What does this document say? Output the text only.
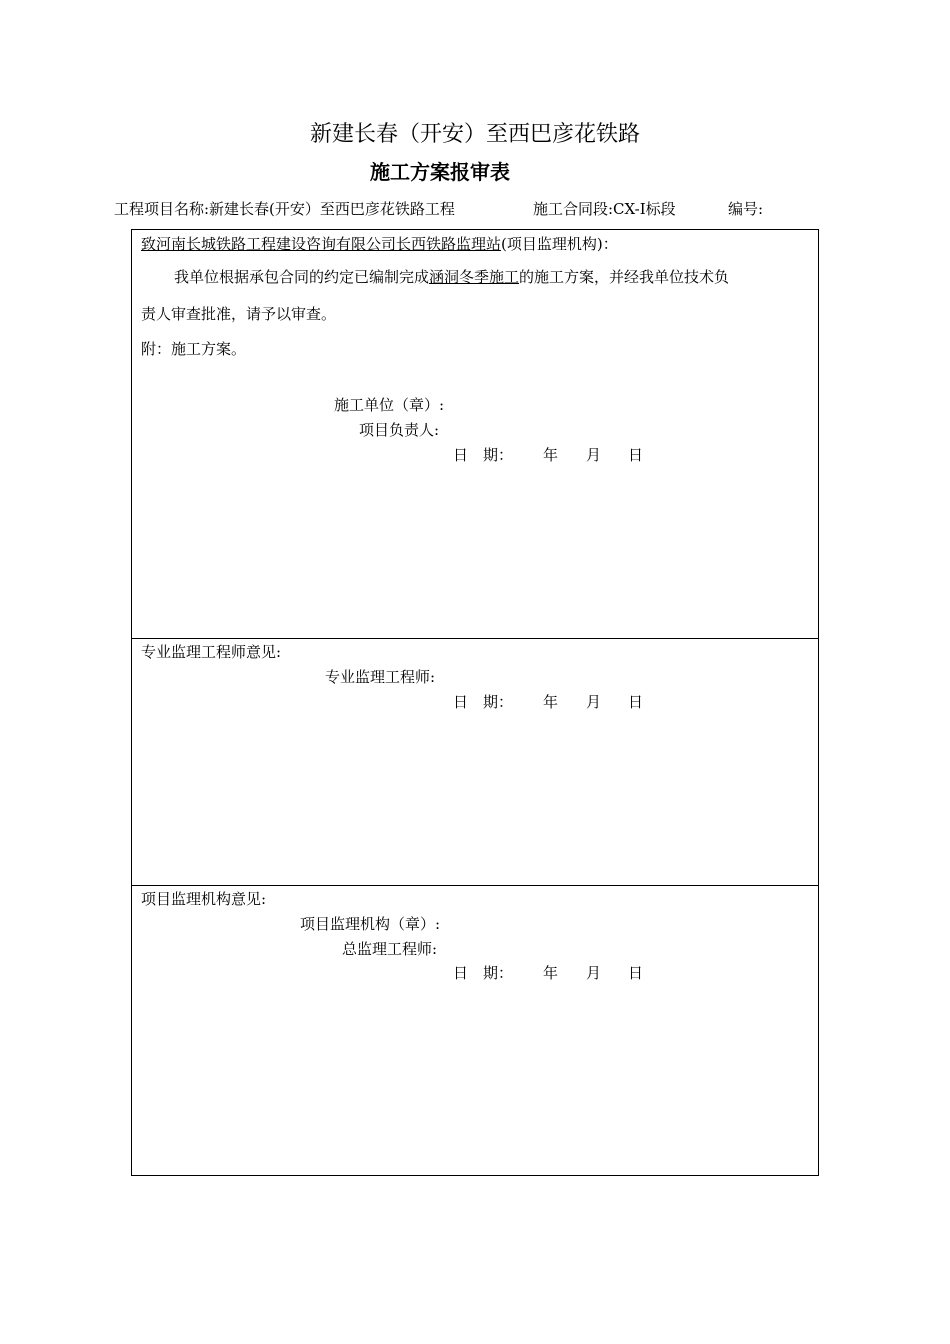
新建长春（开安）至西巴彦花铁路
施工方案报审表
工程项目名称:新建长春(开安）至西巴彦花铁路工程	施工合同段:CX-I标段	编号:
致河南长城铁路工程建设咨询有限公司长西铁路监理站(项目监理机构)：
我单位根据承包合同的约定已编制完成涵洞冬季施工的施工方案，并经我单位技术负
责人审查批准，请予以审查。
附：施工方案。
施工单位（章）:
项目负责人:
日　期： 年 月 日
专业监理工程师意见:
专业监理工程师:
日　期： 年 月 日
项目监理机构意见:
项目监理机构（章）:
总监理工程师:
日　期： 年 月 日
